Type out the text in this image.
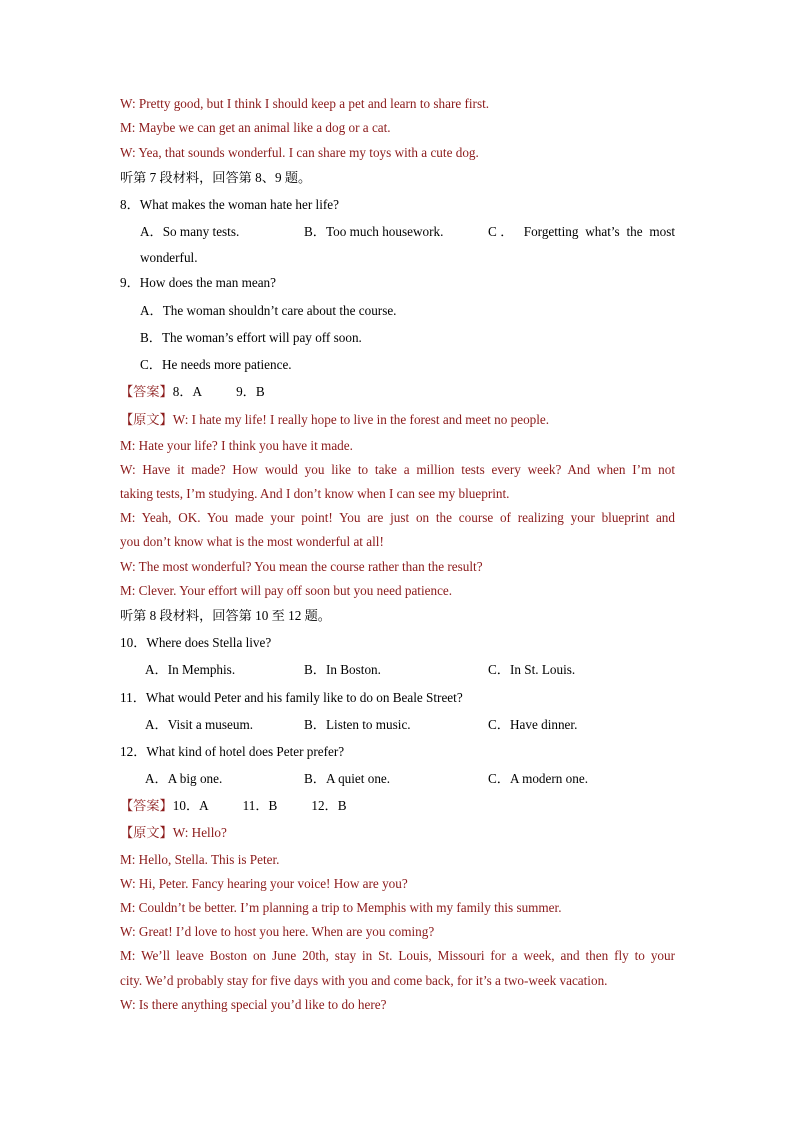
W: Pretty good, but I think I should keep a pet and learn to share first.
M: Maybe we can get an animal like a dog or a cat.
W: Yea, that sounds wonderful. I can share my toys with a cute dog.
听第 7 段材料，回答第 8、9 题。
8．What makes the woman hate her life?
A．So many tests.	B．Too much housework.	C． Forgetting what’s the most
wonderful.
9．How does the man mean?
A．The woman shouldn’t care about the course.
B．The woman’s effort will pay off soon.
C．He needs more patience.
【答案】8．A	9．B
【原文】W: I hate my life! I really hope to live in the forest and meet no people.
M: Hate your life? I think you have it made.
W: Have it made? How would you like to take a million tests every week? And when I’m not
taking tests, I’m studying. And I don’t know when I can see my blueprint.
M: Yeah, OK. You made your point! You are just on the course of realizing your blueprint and
you don’t know what is the most wonderful at all!
W: The most wonderful? You mean the course rather than the result?
M: Clever. Your effort will pay off soon but you need patience.
听第 8 段材料，回答第 10 至 12 题。
10．Where does Stella live?
A．In Memphis.	B．In Boston.	C．In St. Louis.
11．What would Peter and his family like to do on Beale Street?
A．Visit a museum.	B．Listen to music.	C．Have dinner.
12．What kind of hotel does Peter prefer?
A．A big one.	B．A quiet one.	C．A modern one.
【答案】10．A	11．B	12．B
【原文】W: Hello?
M: Hello, Stella. This is Peter.
W: Hi, Peter. Fancy hearing your voice! How are you?
M: Couldn’t be better. I’m planning a trip to Memphis with my family this summer.
W: Great! I’d love to host you here. When are you coming?
M: We’ll leave Boston on June 20th, stay in St. Louis, Missouri for a week, and then fly to your
city. We’d probably stay for five days with you and come back, for it’s a two-week vacation.
W: Is there anything special you’d like to do here?
